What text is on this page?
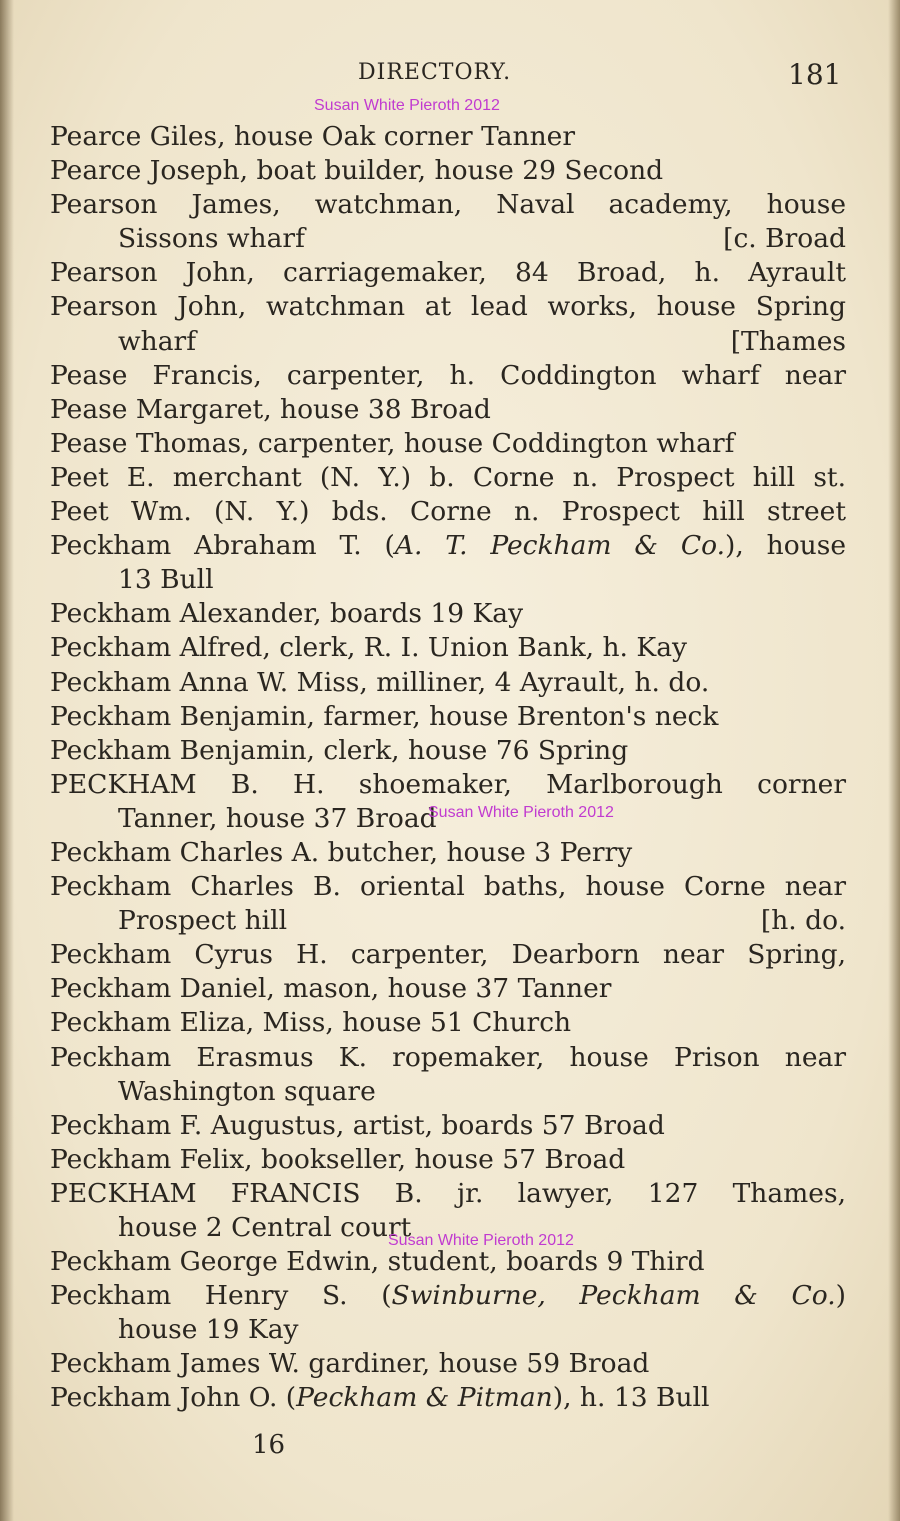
DIRECTORY.	181
Susan White Pieroth 2012
Pearce Giles, house Oak corner Tanner
Pearce Joseph, boat builder, house 29 Second
Pearson James, watchman, Naval academy, house
Sissons wharf	[c. Broad
Pearson John, carriagemaker, 84 Broad, h. Ayrault
Pearson John, watchman at lead works, house Spring
wharf	[Thames
Pease Francis, carpenter, h. Coddington wharf near
Pease Margaret, house 38 Broad
Pease Thomas, carpenter, house Coddington wharf
Peet E. merchant (N. Y.) b. Corne n. Prospect hill st.
Peet Wm. (N. Y.) bds. Corne n. Prospect hill street
Peckham Abraham T. (A. T. Peckham & Co.), house
13 Bull
Peckham Alexander, boards 19 Kay
Peckham Alfred, clerk, R. I. Union Bank, h. Kay
Peckham Anna W. Miss, milliner, 4 Ayrault, h. do.
Peckham Benjamin, farmer, house Brenton's neck
Peckham Benjamin, clerk, house 76 Spring
PECKHAM B. H. shoemaker, Marlborough corner
Tanner, house 37 Broad
Peckham Charles A. butcher, house 3 Perry
Peckham Charles B. oriental baths, house Corne near
Prospect hill	[h. do.
Peckham Cyrus H. carpenter, Dearborn near Spring,
Peckham Daniel, mason, house 37 Tanner
Peckham Eliza, Miss, house 51 Church
Peckham Erasmus K. ropemaker, house Prison near
Washington square
Peckham F. Augustus, artist, boards 57 Broad
Peckham Felix, bookseller, house 57 Broad
PECKHAM FRANCIS B. jr. lawyer, 127 Thames,
house 2 Central court
Peckham George Edwin, student, boards 9 Third
Peckham Henry S. (Swinburne, Peckham & Co.)
house 19 Kay
Peckham James W. gardiner, house 59 Broad
Peckham John O. (Peckham & Pitman), h. 13 Bull
Susan White Pieroth 2012
Susan White Pieroth 2012
16
